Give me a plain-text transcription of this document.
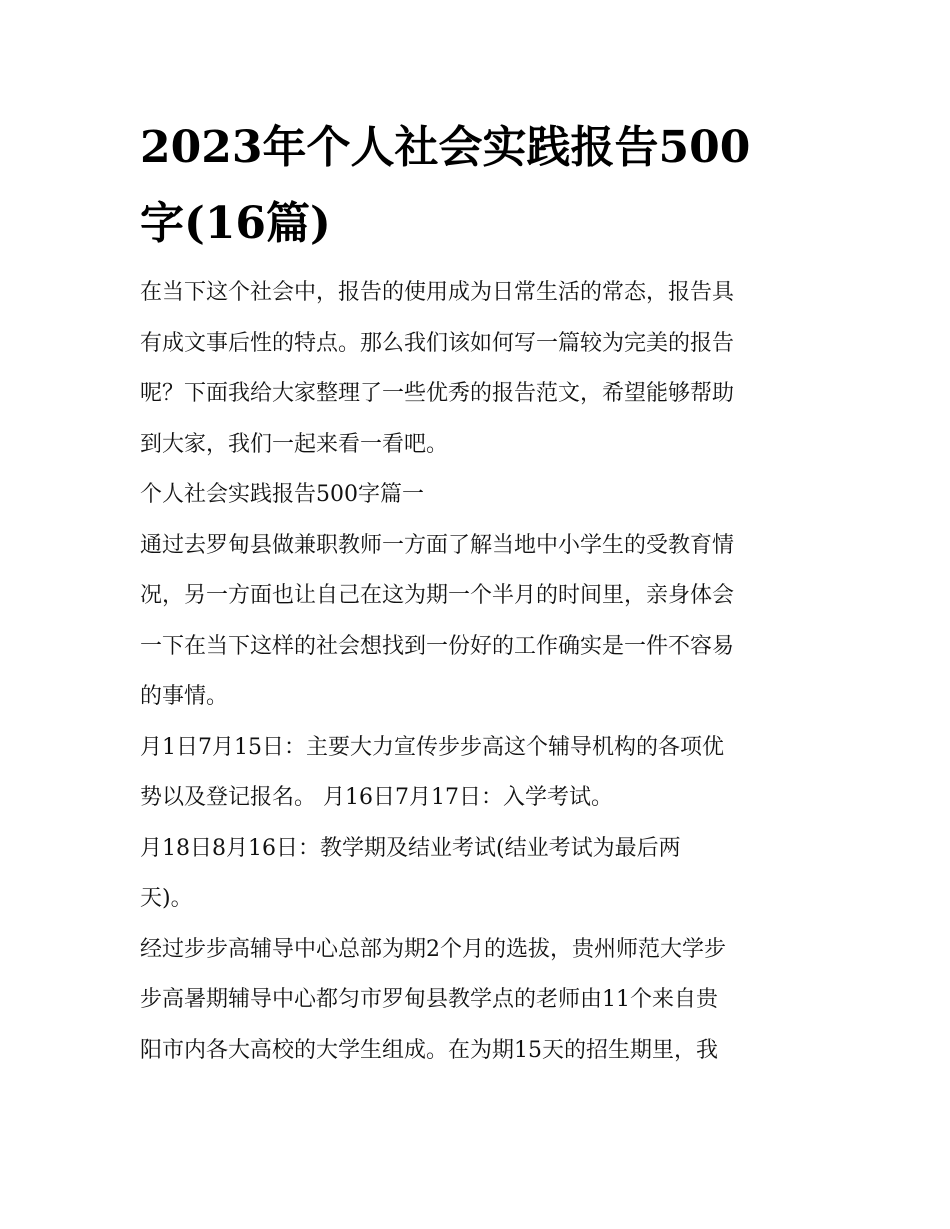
2023年个人社会实践报告500
字(16篇)
在当下这个社会中，报告的使用成为日常生活的常态，报告具
有成文事后性的特点。那么我们该如何写一篇较为完美的报告
呢？下面我给大家整理了一些优秀的报告范文，希望能够帮助
到大家，我们一起来看一看吧。
个人社会实践报告500字篇一
通过去罗甸县做兼职教师一方面了解当地中小学生的受教育情
况，另一方面也让自己在这为期一个半月的时间里，亲身体会
一下在当下这样的社会想找到一份好的工作确实是一件不容易
的事情。
月1日7月15日：主要大力宣传步步高这个辅导机构的各项优
势以及登记报名。 月16日7月17日：入学考试。
月18日8月16日：教学期及结业考试(结业考试为最后两
天)。
经过步步高辅导中心总部为期2个月的选拔，贵州师范大学步
步高暑期辅导中心都匀市罗甸县教学点的老师由11个来自贵
阳市内各大高校的大学生组成。在为期15天的招生期里，我
